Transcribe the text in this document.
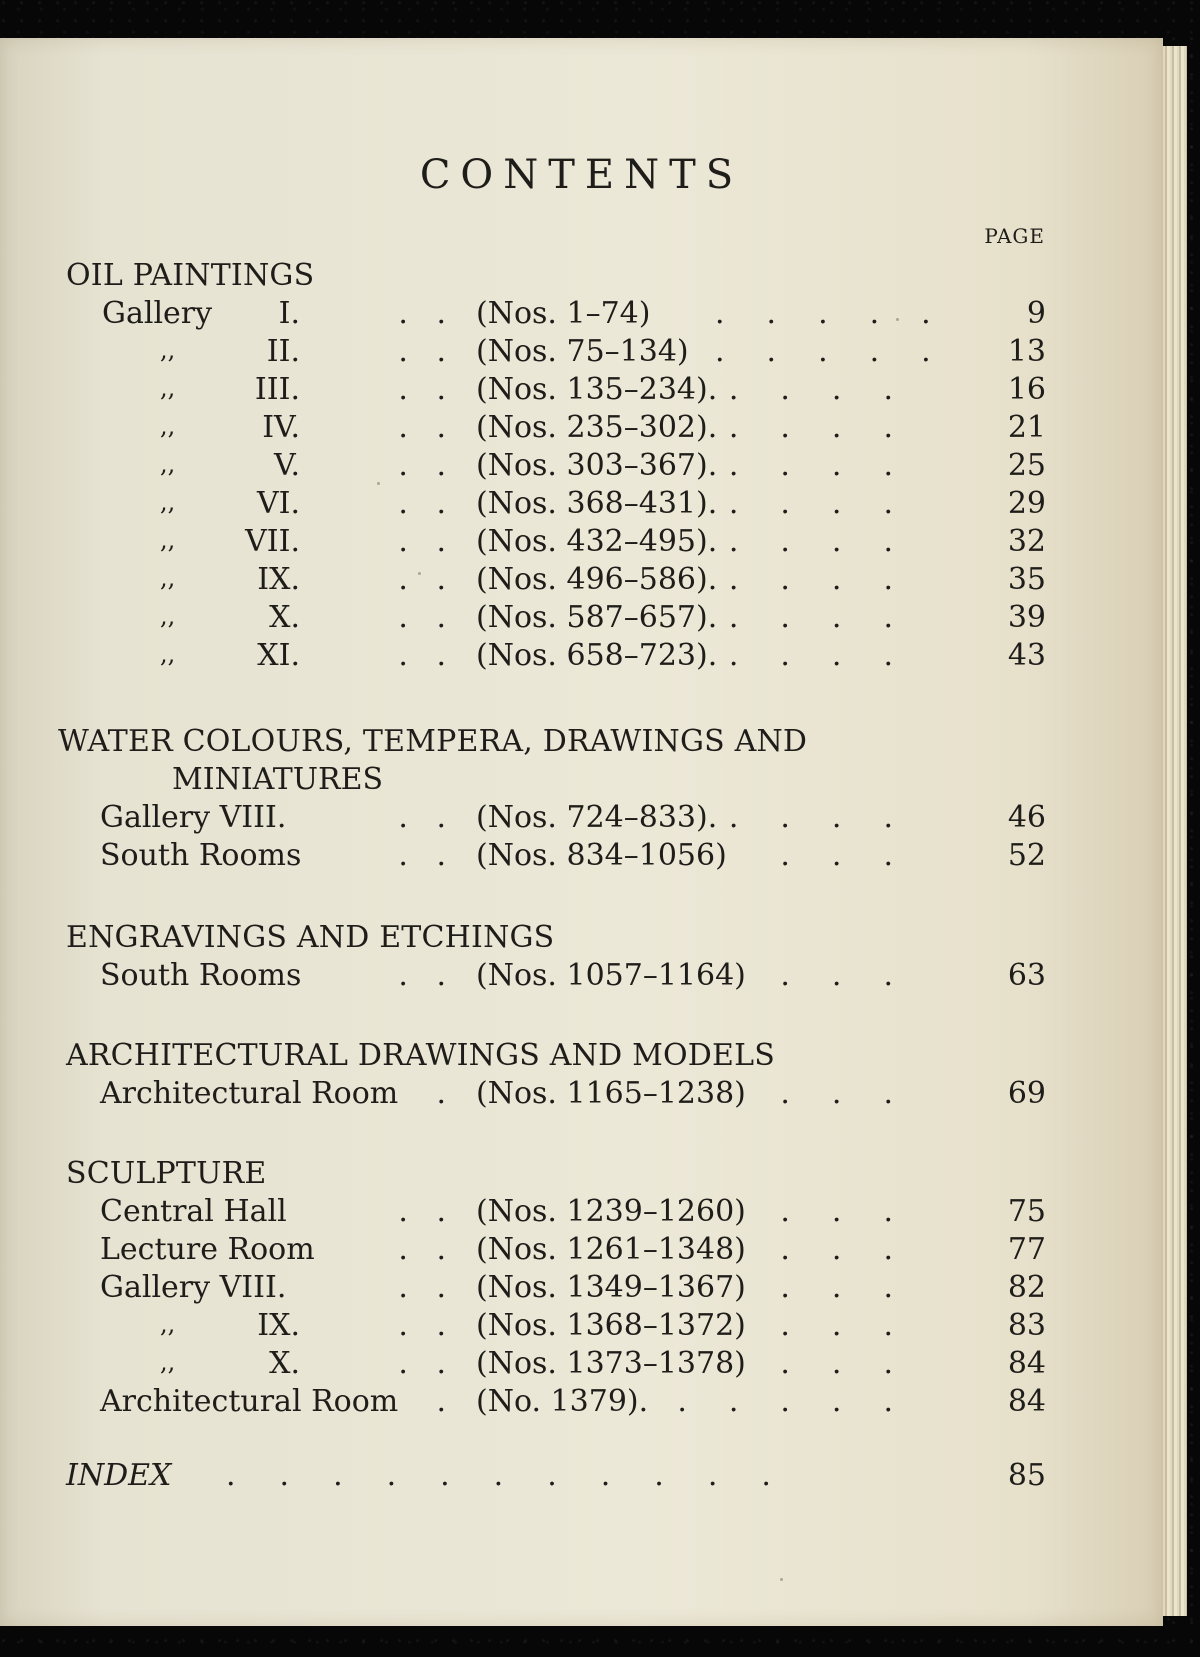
CONTENTS
OIL PAINTINGS
PAGE
Gallery	I.	.   . (Nos. 1–74) .....	9
,,	II.	.   . (Nos. 75–134) .....	13
,,	III.	.   . (Nos. 135–234). ....	16
,,	IV.	.   . (Nos. 235–302). ....	21
,,	V.	.   . (Nos. 303–367). ....	25
,,	VI.	.   . (Nos. 368–431). ....	29
,,	VII.	.   . (Nos. 432–495). ....	32
,,	IX.	.   . (Nos. 496–586). ....	35
,,	X.	.   . (Nos. 587–657). ....	39
,,	XI.	.   . (Nos. 658–723). ....	43
WATER COLOURS, TEMPERA, DRAWINGS AND
MINIATURES
Gallery VIII.	.   . (Nos. 724–833). ....	46
South Rooms	.   . (Nos. 834–1056)	...	52
ENGRAVINGS AND ETCHINGS
South Rooms	.   . (Nos. 1057–1164)	...	63
ARCHITECTURAL DRAWINGS AND MODELS
Architectural Room	. (Nos. 1165–1238)	...	69
SCULPTURE
Central Hall	.   . (Nos. 1239–1260)	...	75
Lecture Room	.   . (Nos. 1261–1348)	...	77
Gallery VIII.	.   . (Nos. 1349–1367)	...	82
,,	IX.	.   . (Nos. 1368–1372)	...	83
,,	X.	.   . (Nos. 1373–1378)	...	84
Architectural Room	. (No. 1379). .....	84
INDEX ...........	85
